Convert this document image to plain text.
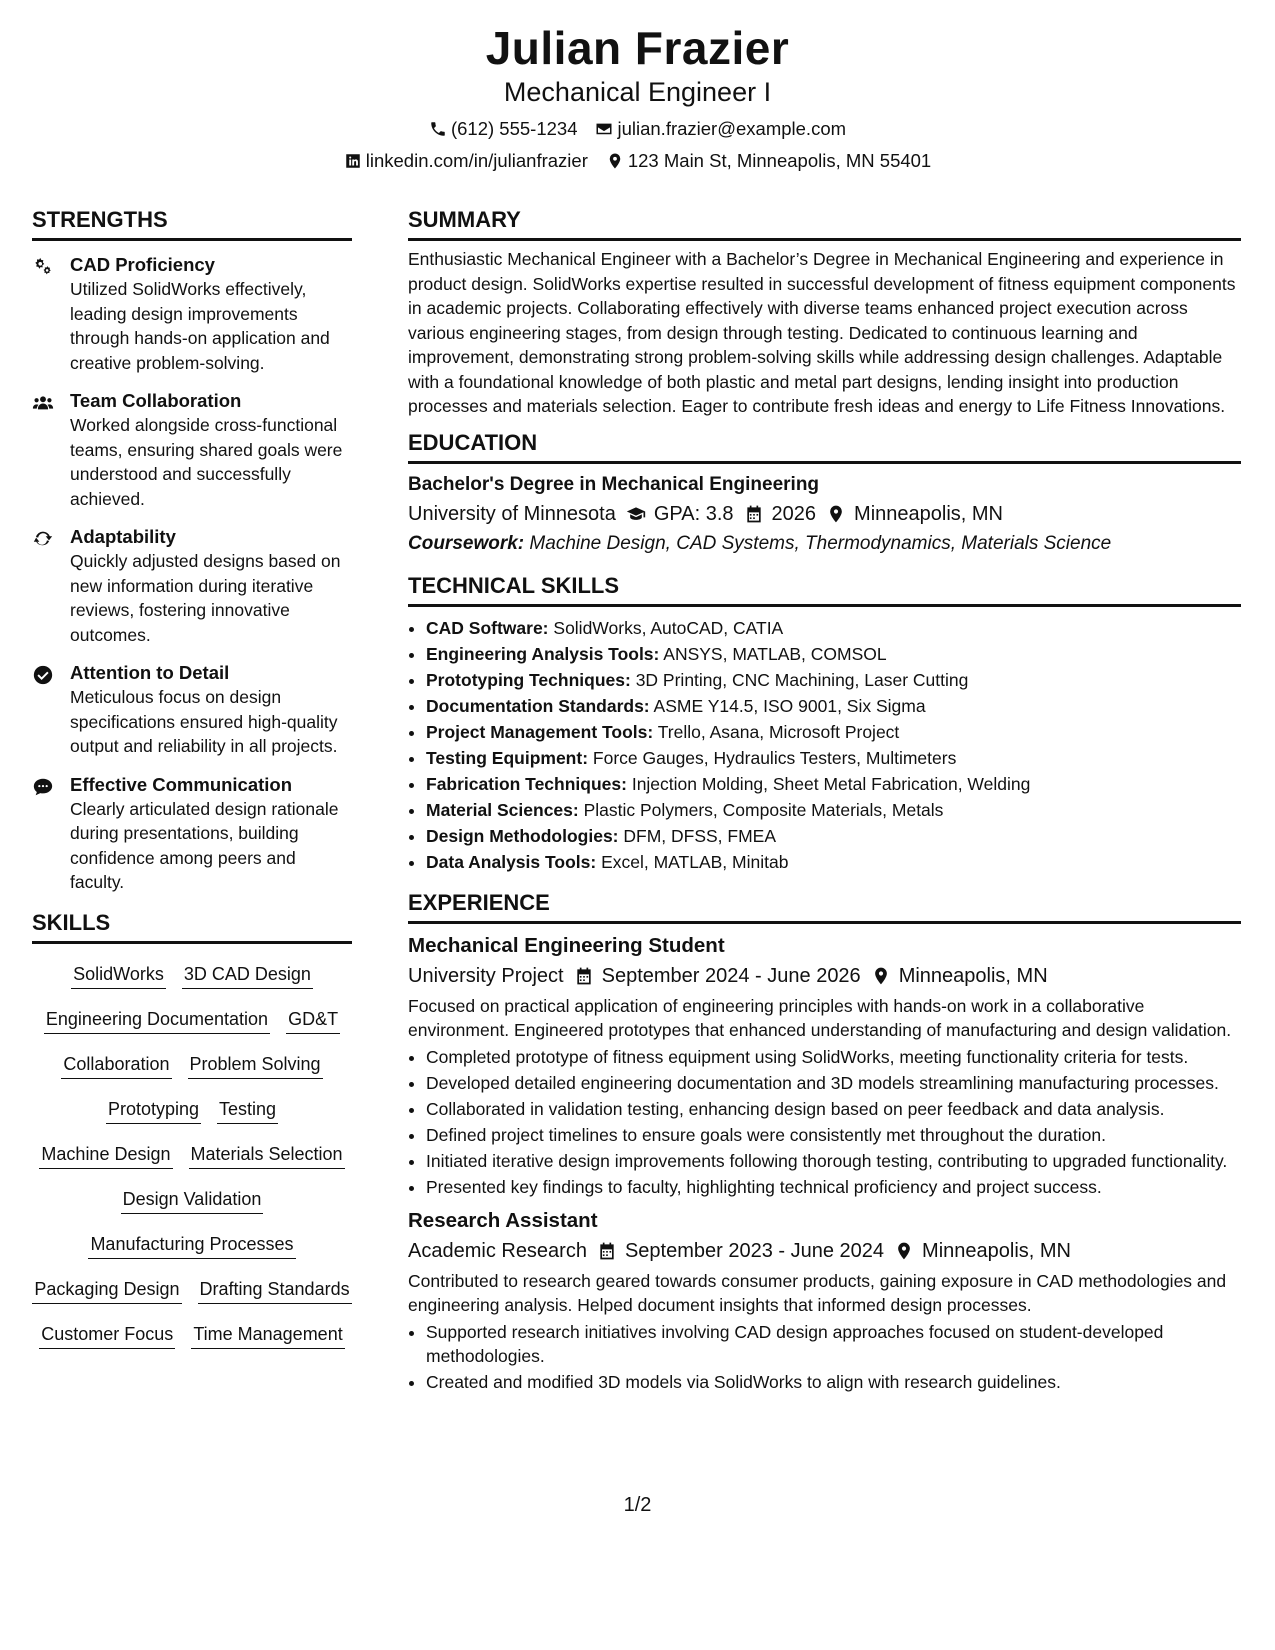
Julian Frazier
Mechanical Engineer I
(612) 555-1234 julian.frazier@example.com
linkedin.com/in/julianfrazier 123 Main St, Minneapolis, MN 55401
STRENGTHS
CAD Proficiency
Utilized SolidWorks effectively, leading design improvements through hands-on application and creative problem-solving.
Team Collaboration
Worked alongside cross-functional teams, ensuring shared goals were understood and successfully achieved.
Adaptability
Quickly adjusted designs based on new information during iterative reviews, fostering innovative outcomes.
Attention to Detail
Meticulous focus on design specifications ensured high-quality output and reliability in all projects.
Effective Communication
Clearly articulated design rationale during presentations, building confidence among peers and faculty.
SKILLS
SolidWorks 3D CAD Design
Engineering Documentation GD&T
Collaboration Problem Solving
Prototyping Testing
Machine Design Materials Selection
Design Validation
Manufacturing Processes
Packaging Design Drafting Standards
Customer Focus Time Management
SUMMARY

Enthusiastic Mechanical Engineer with a Bachelor’s Degree in Mechanical Engineering and experience in product design. SolidWorks expertise resulted in successful development of fitness equipment components in academic projects. Collaborating effectively with diverse teams enhanced project execution across various engineering stages, from design through testing. Dedicated to continuous learning and improvement, demonstrating strong problem-solving skills while addressing design challenges. Adaptable with a foundational knowledge of both plastic and metal part designs, lending insight into production processes and materials selection. Eager to contribute fresh ideas and energy to Life Fitness Innovations.

EDUCATION
Bachelor's Degree in Mechanical Engineering
University of Minnesota GPA: 3.8 2026 Minneapolis, MN
Coursework: Machine Design, CAD Systems, Thermodynamics, Materials Science
TECHNICAL SKILLS
• CAD Software: SolidWorks, AutoCAD, CATIA
• Engineering Analysis Tools: ANSYS, MATLAB, COMSOL
• Prototyping Techniques: 3D Printing, CNC Machining, Laser Cutting
• Documentation Standards: ASME Y14.5, ISO 9001, Six Sigma
• Project Management Tools: Trello, Asana, Microsoft Project
• Testing Equipment: Force Gauges, Hydraulics Testers, Multimeters
• Fabrication Techniques: Injection Molding, Sheet Metal Fabrication, Welding
• Material Sciences: Plastic Polymers, Composite Materials, Metals
• Design Methodologies: DFM, DFSS, FMEA
• Data Analysis Tools: Excel, MATLAB, Minitab
EXPERIENCE
Mechanical Engineering Student
University Project September 2024 - June 2026 Minneapolis, MN

Focused on practical application of engineering principles with hands-on work in a collaborative environment. Engineered prototypes that enhanced understanding of manufacturing and design validation.

• Completed prototype of fitness equipment using SolidWorks, meeting functionality criteria for tests.
• Developed detailed engineering documentation and 3D models streamlining manufacturing processes.
• Collaborated in validation testing, enhancing design based on peer feedback and data analysis.
• Defined project timelines to ensure goals were consistently met throughout the duration.
• Initiated iterative design improvements following thorough testing, contributing to upgraded functionality.
• Presented key findings to faculty, highlighting technical proficiency and project success.
Research Assistant
Academic Research September 2023 - June 2024 Minneapolis, MN

Contributed to research geared towards consumer products, gaining exposure in CAD methodologies and engineering analysis. Helped document insights that informed design processes.

• Supported research initiatives involving CAD design approaches focused on student-developed methodologies.
• Created and modified 3D models via SolidWorks to align with research guidelines.
1/2
